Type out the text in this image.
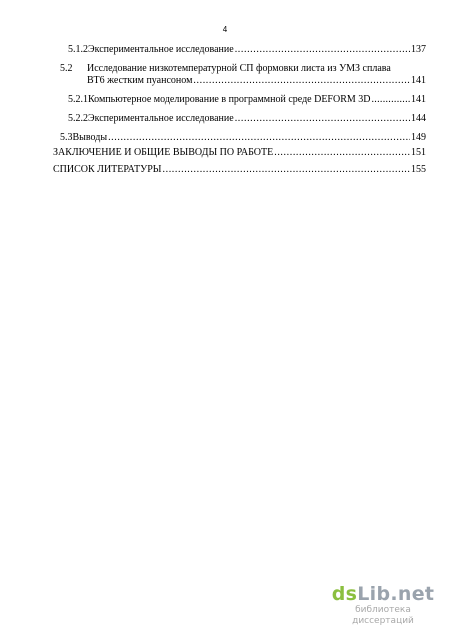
4
5.1.2 Экспериментальное исследование .....	137
5.2	Исследование низкотемпературной СП формовки листа из УМЗ сплава
ВТ6 жестким пуансоном .....	141
5.2.1 Компьютерное моделирование в программной среде DEFORM 3D .....	141
5.2.2 Экспериментальное исследование .....	144
5.3 Выводы .....	149
ЗАКЛЮЧЕНИЕ И ОБЩИЕ ВЫВОДЫ ПО РАБОТЕ .....	151
СПИСОК ЛИТЕРАТУРЫ .....	155
dsLib.net
библиотека диссертаций
